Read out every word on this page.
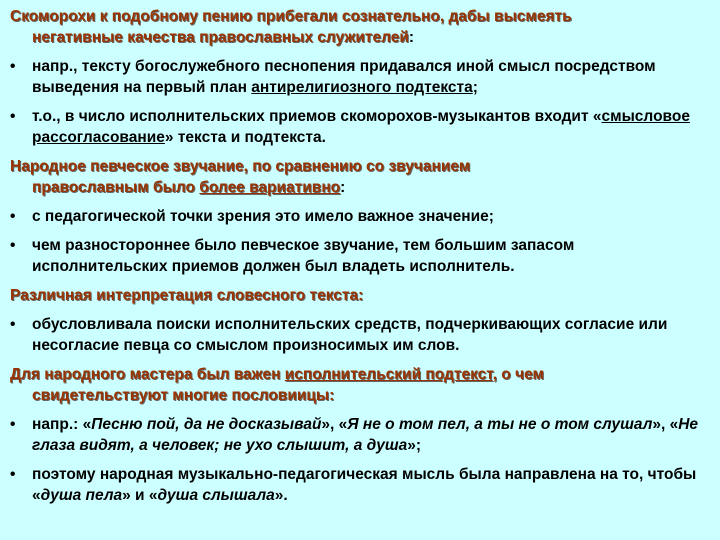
Скоморохи к подобному пению прибегали сознательно, дабы высмеять
негативные качества православных служителей:
•	напр., тексту богослужебного песнопения придавался иной смысл посредством выведения на первый план антирелигиозного подтекста;
•	т.о., в число исполнительских приемов скоморохов-музыкантов входит «смысловое рассогласование» текста и подтекста.
Народное певческое звучание, по сравнению со звучанием
православным было более вариативно:
•	с педагогической точки зрения это имело важное значение;
•	чем разностороннее было певческое звучание, тем большим запасом исполнительских приемов должен был владеть исполнитель.
Различная интерпретация словесного текста:
•	обусловливала поиски исполнительских средств, подчеркивающих согласие или несогласие певца со смыслом произносимых им слов.
Для народного мастера был важен исполнительский подтекст, о чем
свидетельствуют многие пословиицы:
•	напр.: «Песню пой, да не досказывай», «Я не о том пел, а ты не о том слушал», «Не глаза видят, а человек; не ухо слышит, а душа»;
•	поэтому народная музыкально-педагогическая мысль была направлена на то, чтобы «душа пела» и «душа слышала».
